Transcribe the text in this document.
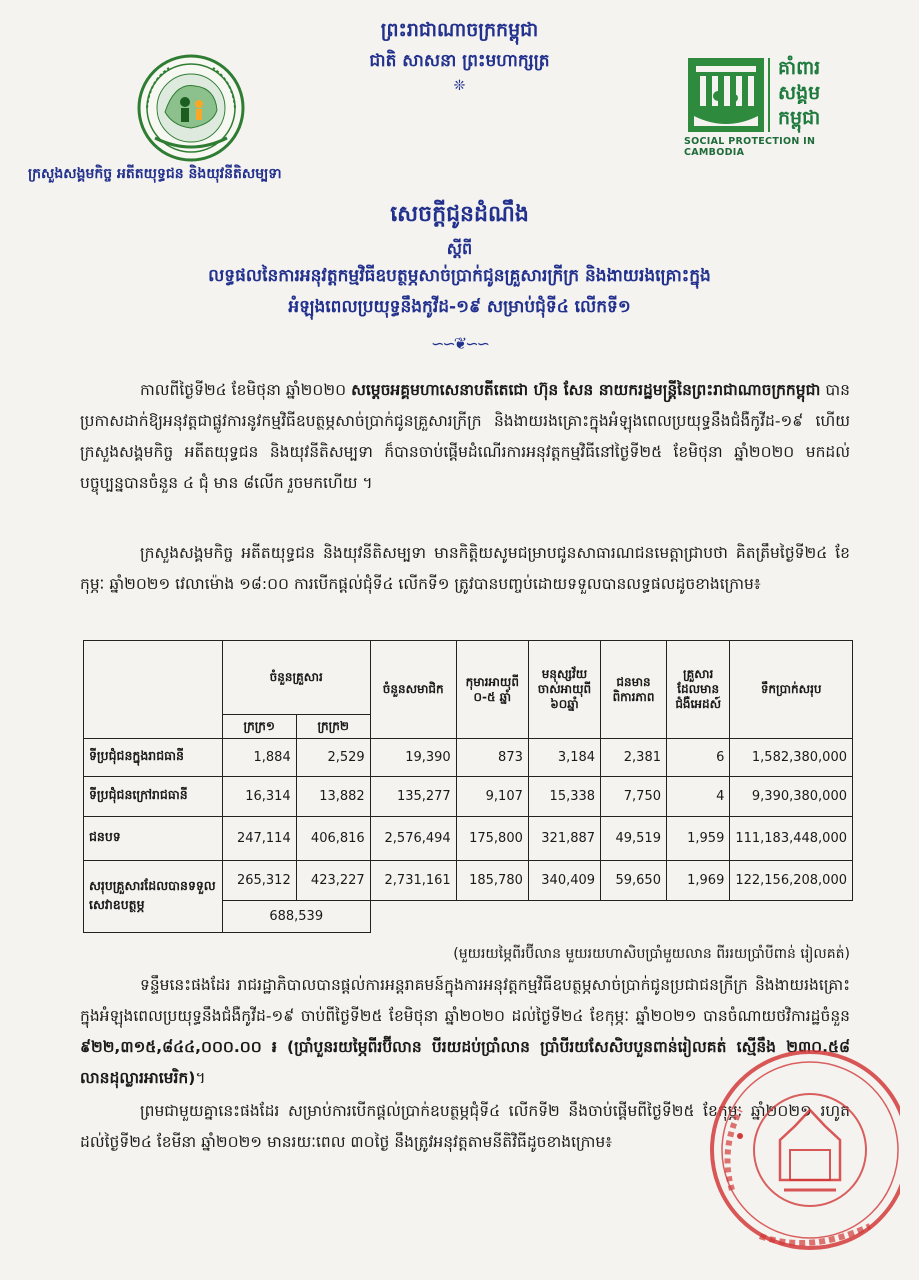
ព្រះរាជាណាចក្រកម្ពុជា
ជាតិ សាសនា ព្រះមហាក្សត្រ
❊
គាំពារ សង្គម កម្ពុជា
SOCIAL PROTECTION IN CAMBODIA
ក្រសួងសង្គមកិច្ច អតីតយុទ្ធជន និងយុវនីតិសម្បទា
សេចក្តីជូនដំណឹង
ស្តីពី
លទ្ធផលនៃការអនុវត្តកម្មវិធីឧបត្ថម្ភសាច់ប្រាក់ជូនគ្រួសារក្រីក្រ និងងាយរងគ្រោះក្នុង
អំឡុងពេលប្រយុទ្ធនឹងកូវីដ-១៩ សម្រាប់ជុំទី៤ លើកទី១
∽∽❦∽∽
កាលពីថ្ងៃទី២៤ ខែមិថុនា ឆ្នាំ២០២០ សម្តេចអគ្គមហាសេនាបតីតេជោ ហ៊ុន សែន នាយករដ្ឋមន្ត្រីនៃព្រះរាជាណាចក្រកម្ពុជា បានប្រកាសដាក់ឱ្យអនុវត្តជាផ្លូវការនូវកម្មវិធីឧបត្ថម្ភសាច់ប្រាក់ជូនគ្រួសារក្រីក្រ និងងាយរងគ្រោះក្នុងអំឡុងពេលប្រយុទ្ធនឹងជំងឺកូវីដ-១៩ ហើយក្រសួងសង្គមកិច្ច អតីតយុទ្ធជន និងយុវនីតិសម្បទា ក៏បានចាប់ផ្តើមដំណើរការអនុវត្តកម្មវិធីនៅថ្ងៃទី២៥ ខែមិថុនា ឆ្នាំ២០២០ មកដល់បច្ចុប្បន្នបានចំនួន ៤ ជុំ មាន ៨លើក រួចមកហើយ ។
ក្រសួងសង្គមកិច្ច អតីតយុទ្ធជន និងយុវនីតិសម្បទា មានកិត្តិយសូមជម្រាបជូនសាធារណជនមេត្តាជ្រាបថា គិតត្រឹមថ្ងៃទី២៤ ខែកុម្ភៈ ឆ្នាំ២០២១ វេលាម៉ោង ១៨:០០ ការបើកផ្តល់ជុំទី៤ លើកទី១ ត្រូវបានបញ្ចប់ដោយទទួលបានលទ្ធផលដូចខាងក្រោម៖
	ចំនួនគ្រួសារ		ចំនួនសមាជិក	កុមារអាយុពី ០-៥ ឆ្នាំ	មនុស្សវ័យចាស់អាយុពី ៦០ឆ្នាំ	ជនមានពិការភាព	គ្រួសារដែលមានជំងឺអេដស៍	ទឹកប្រាក់សរុប
	ក្រក្រ១	ក្រក្រ២						
ទីប្រជុំជនក្នុងរាជធានី	1,884	2,529	19,390	873	3,184	2,381	6	1,582,380,000
ទីប្រជុំជនក្រៅរាជធានី	16,314	13,882	135,277	9,107	15,338	7,750	4	9,390,380,000
ជនបទ	247,114	406,816	2,576,494	175,800	321,887	49,519	1,959	111,183,448,000
សរុបគ្រួសារដែលបានទទួលសេវាឧបត្ថម្ភ	265,312	423,227	2,731,161	185,780	340,409	59,650	1,969	122,156,208,000
	688,539							
(មួយរយម្ភៃពីរប៊ីលាន មួយរយហាសិបប្រាំមួយលាន ពីររយប្រាំបីពាន់ រៀលគត់)
ទន្ទឹមនេះផងដែរ រាជរដ្ឋាភិបាលបានផ្តល់ការអន្តរាគមន៍ក្នុងការអនុវត្តកម្មវិធីឧបត្ថម្ភសាច់ប្រាក់ជូនប្រជាជនក្រីក្រ និងងាយរងគ្រោះក្នុងអំឡុងពេលប្រយុទ្ធនឹងជំងឺកូវីដ-១៩ ចាប់ពីថ្ងៃទី២៥ ខែមិថុនា ឆ្នាំ២០២០ ដល់ថ្ងៃទី២៤ ខែកុម្ភៈ ឆ្នាំ២០២១ បានចំណាយថវិការដ្ឋចំនួន ៩២២,៣១៥,៨៤៤,០០០.០០ ៛ (ប្រាំបួនរយម្ភៃពីរប៊ីលាន បីរយដប់ប្រាំលាន ប្រាំបីរយសែសិបបួនពាន់រៀលគត់ ស្មើនឹង ២៣០.៥៨ លានដុល្លារអាមេរិក)។
ព្រមជាមួយគ្នានេះផងដែរ សម្រាប់ការបើកផ្តល់ប្រាក់ឧបត្ថម្ភជុំទី៤ លើកទី២ នឹងចាប់ផ្តើមពីថ្ងៃទី២៥ ខែកុម្ភៈ ឆ្នាំ២០២១ រហូតដល់ថ្ងៃទី២៤ ខែមីនា ឆ្នាំ២០២១ មានរយៈពេល ៣០ថ្ងៃ នឹងត្រូវអនុវត្តតាមនីតិវិធីដូចខាងក្រោម៖
